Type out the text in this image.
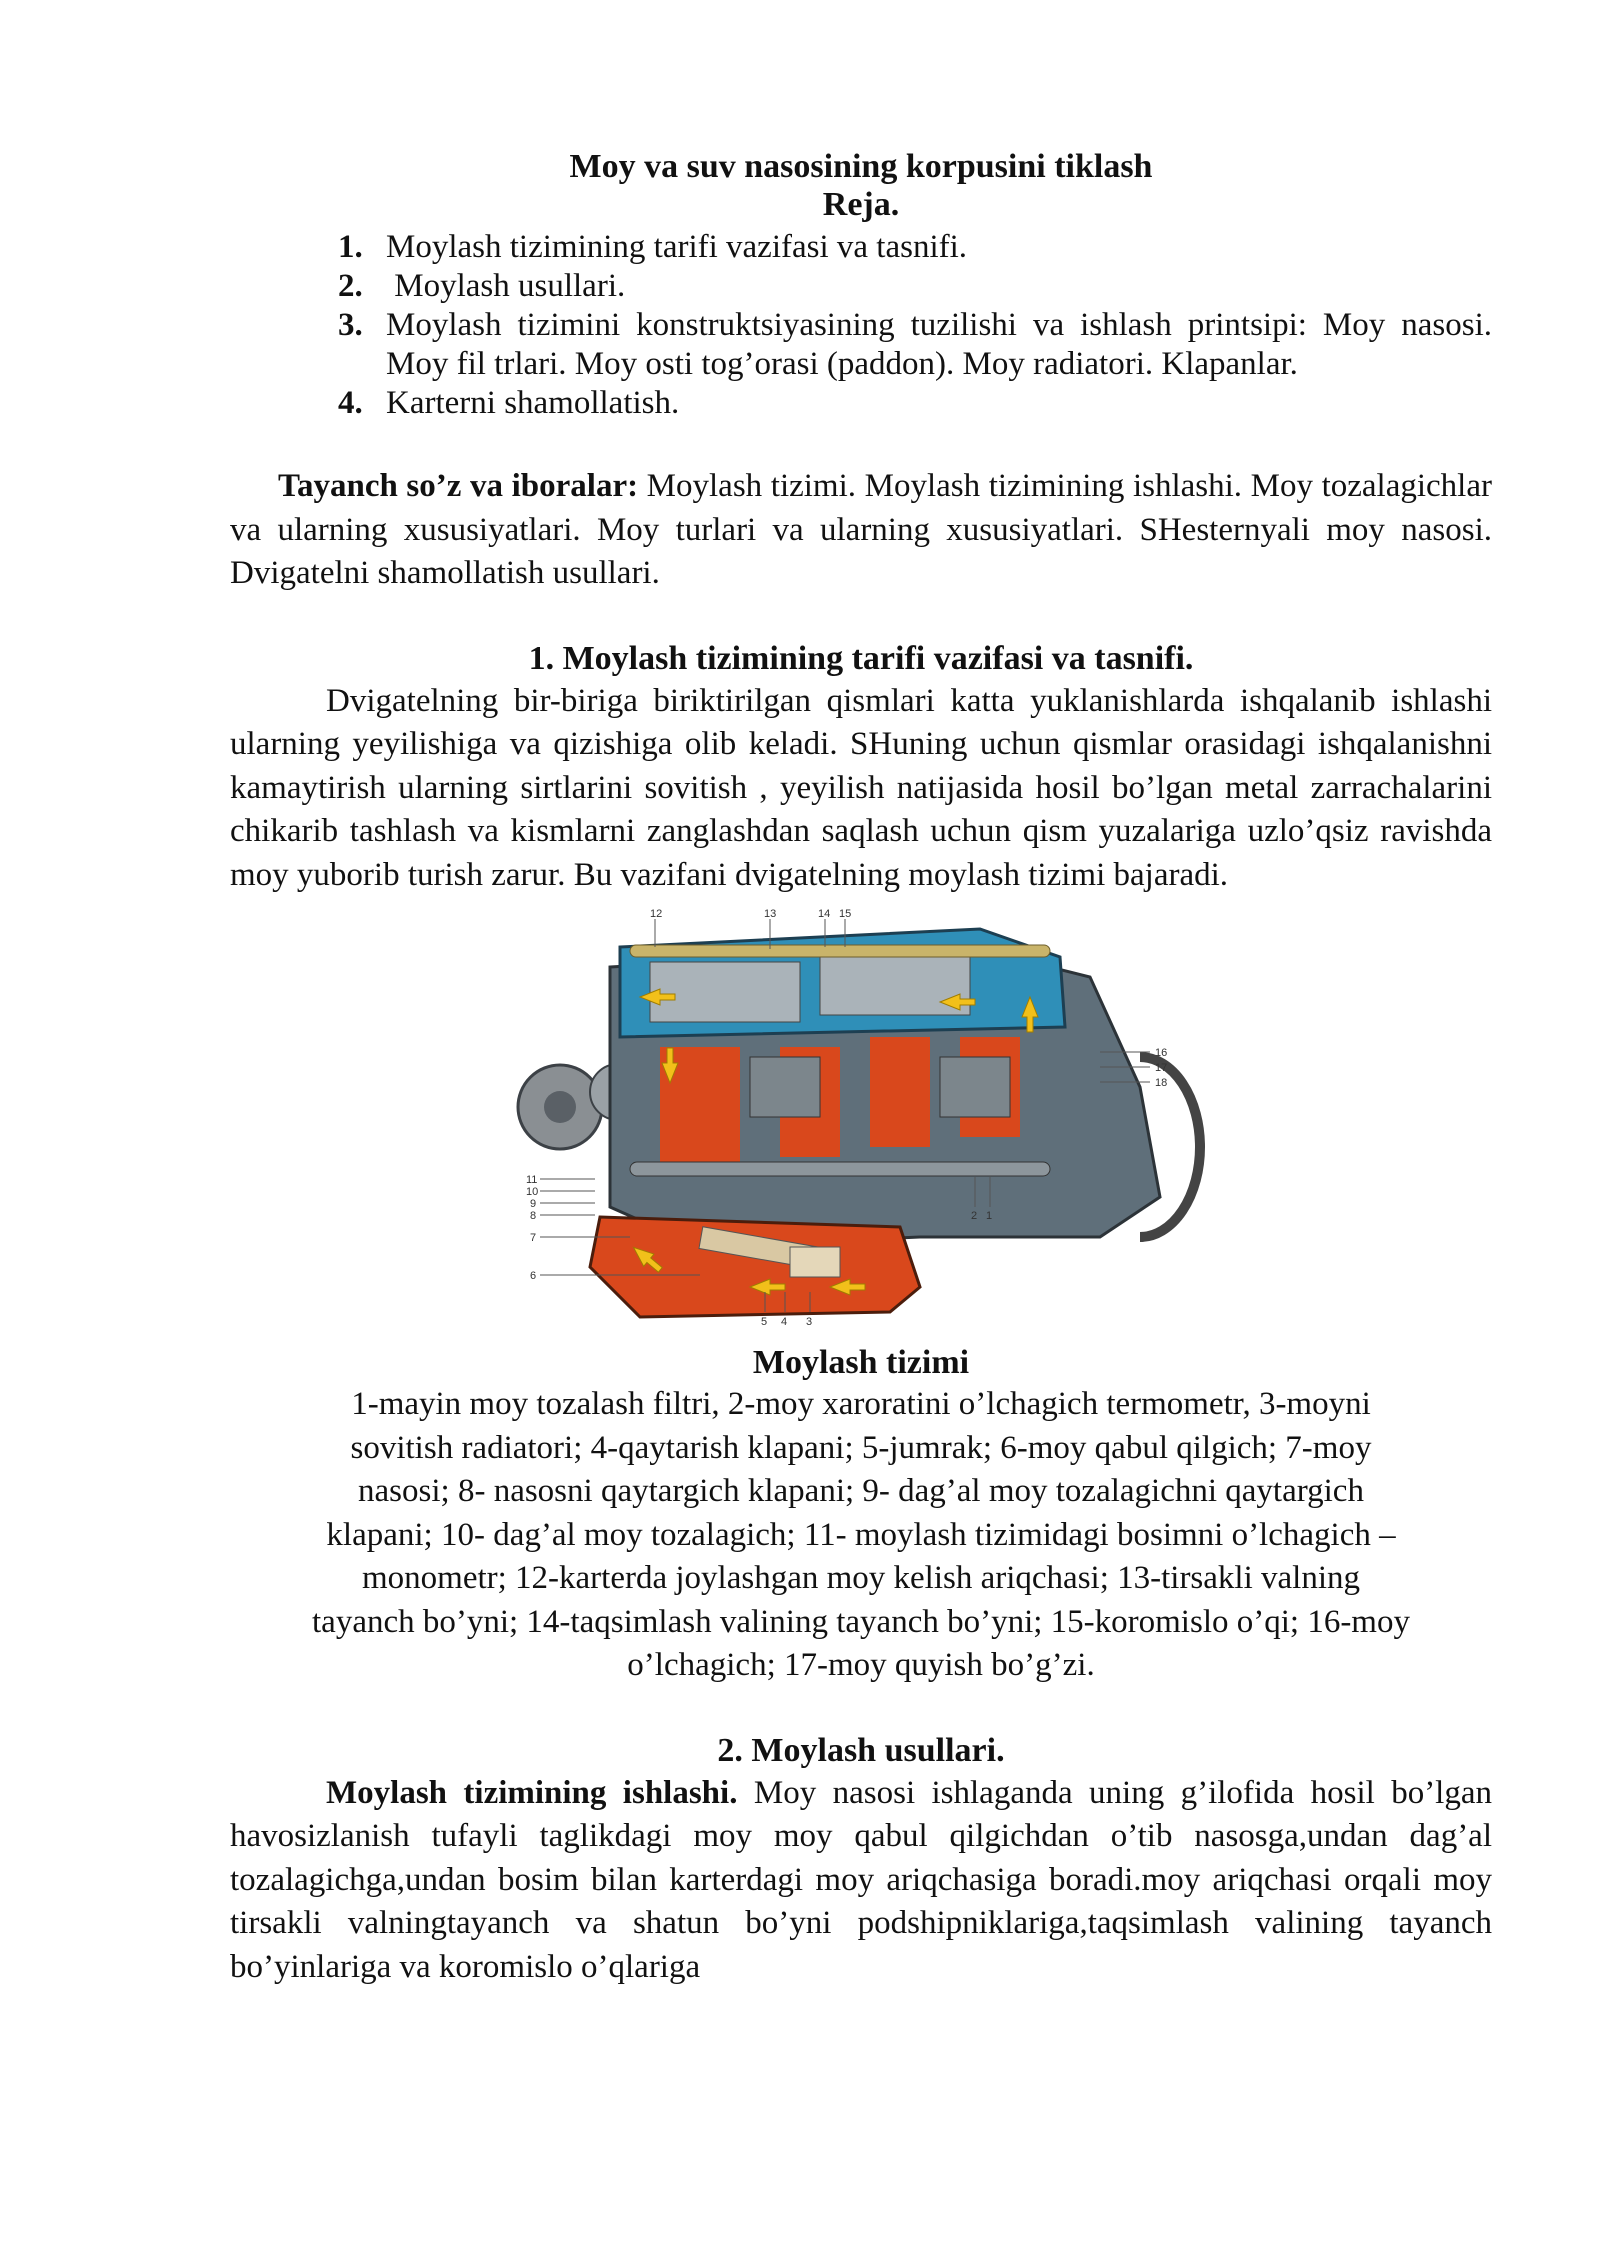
Moy va suv nasosining korpusini tiklash

Reja.

1. Moylash tizimining tarifi vazifasi va tasnifi.
2. Moylash usullari.
3. Moylash tizimini konstruktsiyasining tuzilishi va ishlash printsipi: Moy nasosi. Moy fil trlari. Moy osti tog’orasi (paddon). Moy radiatori. Klapanlar.
4. Karterni shamollatish.

Tayanch so’z va iboralar: Moylash tizimi. Moylash tizimining ishlashi. Moy tozalagichlar va ularning xususiyatlari. Moy turlari va ularning xususiyatlari. SHesternyali moy nasosi. Dvigatelni shamollatish usullari.

1. Moylash tizimining tarifi vazifasi va tasnifi.

Dvigatelning bir-biriga biriktirilgan qismlari katta yuklanishlarda ishqalanib ishlashi ularning yeyilishiga va qizishiga olib keladi. SHuning uchun qismlar orasidagi ishqalanishni kamaytirish ularning sirtlarini sovitish , yeyilish natijasida hosil bo’lgan metal zarrachalarini chikarib tashlash va kismlarni zanglashdan saqlash uchun qism yuzalariga uzlo’qsiz ravishda moy yuborib turish zarur. Bu vazifani dvigatelning moylash tizimi bajaradi.

12	13	14 15
16
17
18
11
10
9
8
7
6
5 4 3
2 1

Moylash tizimi

1-mayin moy tozalash filtri, 2-moy xaroratini o’lchagich termometr, 3-moyni

sovitish radiatori; 4-qaytarish klapani; 5-jumrak; 6-moy qabul qilgich; 7-moy

nasosi; 8- nasosni qaytargich klapani; 9- dag’al moy tozalagichni qaytargich

klapani; 10- dag’al moy tozalagich; 11- moylash tizimidagi bosimni o’lchagich –

monometr; 12-karterda joylashgan moy kelish ariqchasi; 13-tirsakli valning

tayanch bo’yni; 14-taqsimlash valining tayanch bo’yni; 15-koromislo o’qi; 16-moy

o’lchagich; 17-moy quyish bo’g’zi.

2. Moylash usullari.

Moylash tizimining ishlashi. Moy nasosi ishlaganda uning g’ilofida hosil bo’lgan havosizlanish tufayli taglikdagi moy moy qabul qilgichdan o’tib nasosga,undan dag’al tozalagichga,undan bosim bilan karterdagi moy ariqchasiga boradi.moy ariqchasi orqali moy tirsakli valningtayanch va shatun bo’yni podshipniklariga,taqsimlash valining tayanch bo’yinlariga va koromislo o’qlariga
